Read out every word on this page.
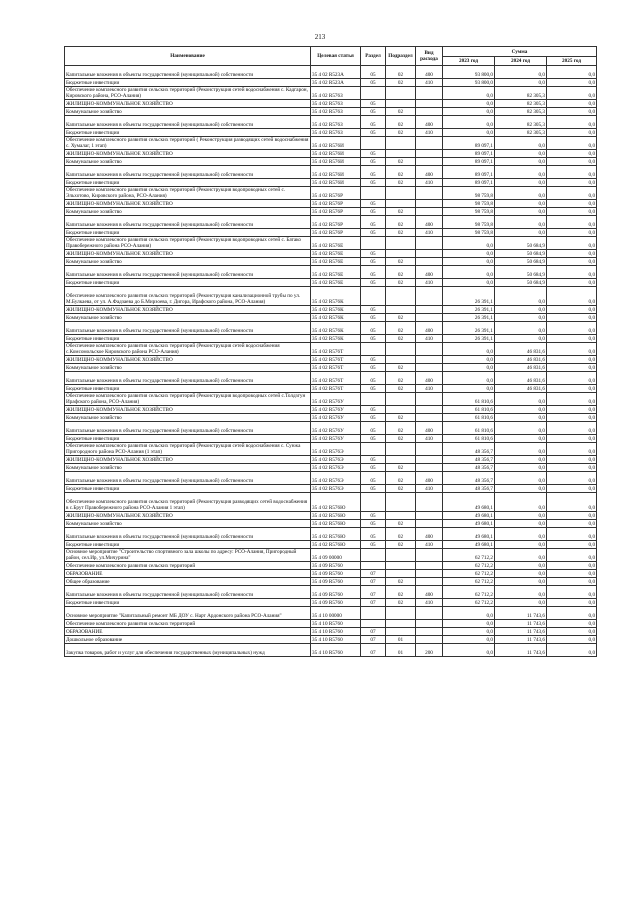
213
Наименование	Целевая статья	Раздел	Подраздел	Вид расхода	Сумма		
					2023 год	2024 год	2025 год
Капитальные вложения в объекты государственной (муниципальной) собственности	35 4 02 R523A	05	02	400	93 800,0	0,0	0,0
Бюджетные инвестиции	35 4 02 R523A	05	02	410	93 800,0	0,0	0,0
Обеспечение комплексного развития сельских территорий (Реконструкция сетей водоснабжения с. Кадгарон, Кировского района, РСО-Алания)	35 4 02 R576З				0,0	82 305,3	0,0
ЖИЛИЩНО-КОММУНАЛЬНОЕ ХОЗЯЙСТВО	35 4 02 R576З	05			0,0	82 305,3	0,0
Коммунальное хозяйство	35 4 02 R576З	05	02		0,0	82 305,3	0,0
Капитальные вложения в объекты государственной (муниципальной) собственности	35 4 02 R576З	05	02	400	0,0	82 305,3	0,0
Бюджетные инвестиции	35 4 02 R576З	05	02	410	0,0	82 305,3	0,0
Обеспечение комплексного развития сельских территорий ( Реконструкция разводящих сетей водоснабжения с. Хумалаг, 1 этап)	35 4 02 R576И				89 097,1	0,0	0,0
ЖИЛИЩНО-КОММУНАЛЬНОЕ ХОЗЯЙСТВО	35 4 02 R576И	05			89 097,1	0,0	0,0
Коммунальное хозяйство	35 4 02 R576И	05	02		89 097,1	0,0	0,0
Капитальные вложения в объекты государственной (муниципальной) собственности	35 4 02 R576И	05	02	400	89 097,1	0,0	0,0
Бюджетные инвестиции	35 4 02 R576И	05	02	410	89 097,1	0,0	0,0
Обеспечение комплексного развития сельских территорий (Реконструкция водопроводных сетей с. Эльхотово, Кировского района, РСО-Алания)	35 4 02 R576Р				98 759,8	0,0	0,0
ЖИЛИЩНО-КОММУНАЛЬНОЕ ХОЗЯЙСТВО	35 4 02 R576Р	05			98 759,8	0,0	0,0
Коммунальное хозяйство	35 4 02 R576Р	05	02		98 759,8	0,0	0,0
Капитальные вложения в объекты государственной (муниципальной) собственности	35 4 02 R576Р	05	02	400	98 759,8	0,0	0,0
Бюджетные инвестиции	35 4 02 R576Р	05	02	410	98 759,8	0,0	0,0
Обеспечение комплексного развития сельских территорий (Реконструкция водопроводных сетей с. Батако Правобережного района РСО-Алания)	35 4 02 R576Е				0,0	50 684,9	0,0
ЖИЛИЩНО-КОММУНАЛЬНОЕ ХОЗЯЙСТВО	35 4 02 R576Е	05			0,0	50 684,9	0,0
Коммунальное хозяйство	35 4 02 R576Е	05	02		0,0	50 684,9	0,0
Капитальные вложения в объекты государственной (муниципальной) собственности	35 4 02 R576Е	05	02	400	0,0	50 684,9	0,0
Бюджетные инвестиции	35 4 02 R576Е	05	02	410	0,0	50 684,9	0,0
Обеспечение комплексного развития сельских территорий (Реконструкция канализационной трубы по ул. М.Булкаева, от ул. А.Фадзаева до Б.Мирзоева, г. Дигора, Ирафского района, РСО-Алания)	35 4 02 R576К				26 391,1	0,0	0,0
ЖИЛИЩНО-КОММУНАЛЬНОЕ ХОЗЯЙСТВО	35 4 02 R576К	05			26 391,1	0,0	0,0
Коммунальное хозяйство	35 4 02 R576К	05	02		26 391,1	0,0	0,0
Капитальные вложения в объекты государственной (муниципальной) собственности	35 4 02 R576К	05	02	400	26 391,1	0,0	0,0
Бюджетные инвестиции	35 4 02 R576К	05	02	410	26 391,1	0,0	0,0
Обеспечение комплексного развития сельских территорий (Реконструкция сетей водоснабжения с.Комсомольское Кировского района РСО-Алания)	35 4 02 R576Т				0,0	46 831,6	0,0
ЖИЛИЩНО-КОММУНАЛЬНОЕ ХОЗЯЙСТВО	35 4 02 R576Т	05			0,0	46 831,6	0,0
Коммунальное хозяйство	35 4 02 R576Т	05	02		0,0	46 831,6	0,0
Капитальные вложения в объекты государственной (муниципальной) собственности	35 4 02 R576Т	05	02	400	0,0	46 831,6	0,0
Бюджетные инвестиции	35 4 02 R576Т	05	02	410	0,0	46 831,6	0,0
Обеспечение комплексного развития сельских территорий (Реконструкция водопроводных сетей с.Толдзгун Ирафского района, РСО-Алания)	35 4 02 R576У				61 810,6	0,0	0,0
ЖИЛИЩНО-КОММУНАЛЬНОЕ ХОЗЯЙСТВО	35 4 02 R576У	05			61 810,6	0,0	0,0
Коммунальное хозяйство	35 4 02 R576У	05	02		61 810,6	0,0	0,0
Капитальные вложения в объекты государственной (муниципальной) собственности	35 4 02 R576У	05	02	400	61 810,6	0,0	0,0
Бюджетные инвестиции	35 4 02 R576У	05	02	410	61 810,6	0,0	0,0
Обеспечение комплексного развития сельских территорий (Реконструкция сетей водоснабжения с. Сунжа Пригородного района РСО-Алания (1 этап)	35 4 02 R576Э				48 356,7	0,0	0,0
ЖИЛИЩНО-КОММУНАЛЬНОЕ ХОЗЯЙСТВО	35 4 02 R576Э	05			48 356,7	0,0	0,0
Коммунальное хозяйство	35 4 02 R576Э	05	02		48 356,7	0,0	0,0
Капитальные вложения в объекты государственной (муниципальной) собственности	35 4 02 R576Э	05	02	400	48 356,7	0,0	0,0
Бюджетные инвестиции	35 4 02 R576Э	05	02	410	48 356,7	0,0	0,0
Обеспечение комплексного развития сельских территорий (Реконструкция разводящих сетей водоснабжения в с.Брут Правобережного района РСО-Алания 1 этап)	35 4 02 R576Ю				49 680,1	0,0	0,0
ЖИЛИЩНО-КОММУНАЛЬНОЕ ХОЗЯЙСТВО	35 4 02 R576Ю	05			49 680,1	0,0	0,0
Коммунальное хозяйство	35 4 02 R576Ю	05	02		49 680,1	0,0	0,0
Капитальные вложения в объекты государственной (муниципальной) собственности	35 4 02 R576Ю	05	02	400	49 680,1	0,0	0,0
Бюджетные инвестиции	35 4 02 R576Ю	05	02	410	49 680,1	0,0	0,0
Основное мероприятие "Строительство спортивного зала школы по адресу: РСО-Алания, Пригородный район, сел.Ир, ул.Мичурина"	35 4 09 00000				62 712,2	0,0	0,0
Обеспечение комплексного развития сельских территорий	35 4 09 R5760				62 712,2	0,0	0,0
ОБРАЗОВАНИЕ	35 4 09 R5760	07			62 712,2	0,0	0,0
Общее образование	35 4 09 R5760	07	02		62 712,2	0,0	0,0
Капитальные вложения в объекты государственной (муниципальной) собственности	35 4 09 R5760	07	02	400	62 712,2	0,0	0,0
Бюджетные инвестиции	35 4 09 R5760	07	02	410	62 712,2	0,0	0,0
Основное мероприятие "Капитальный ремонт МБ ДОУ с. Нарт Ардонского района РСО-Алания"	35 4 10 00000				0,0	11 743,6	0,0
Обеспечение комплексного развития сельских территорий	35 4 10 R5760				0,0	11 743,6	0,0
ОБРАЗОВАНИЕ	35 4 10 R5760	07			0,0	11 743,6	0,0
Дошкольное образование	35 4 10 R5760	07	01		0,0	11 743,6	0,0
Закупка товаров, работ и услуг для обеспечения государственных (муниципальных) нужд	35 4 10 R5760	07	01	200	0,0	11 743,6	0,0
